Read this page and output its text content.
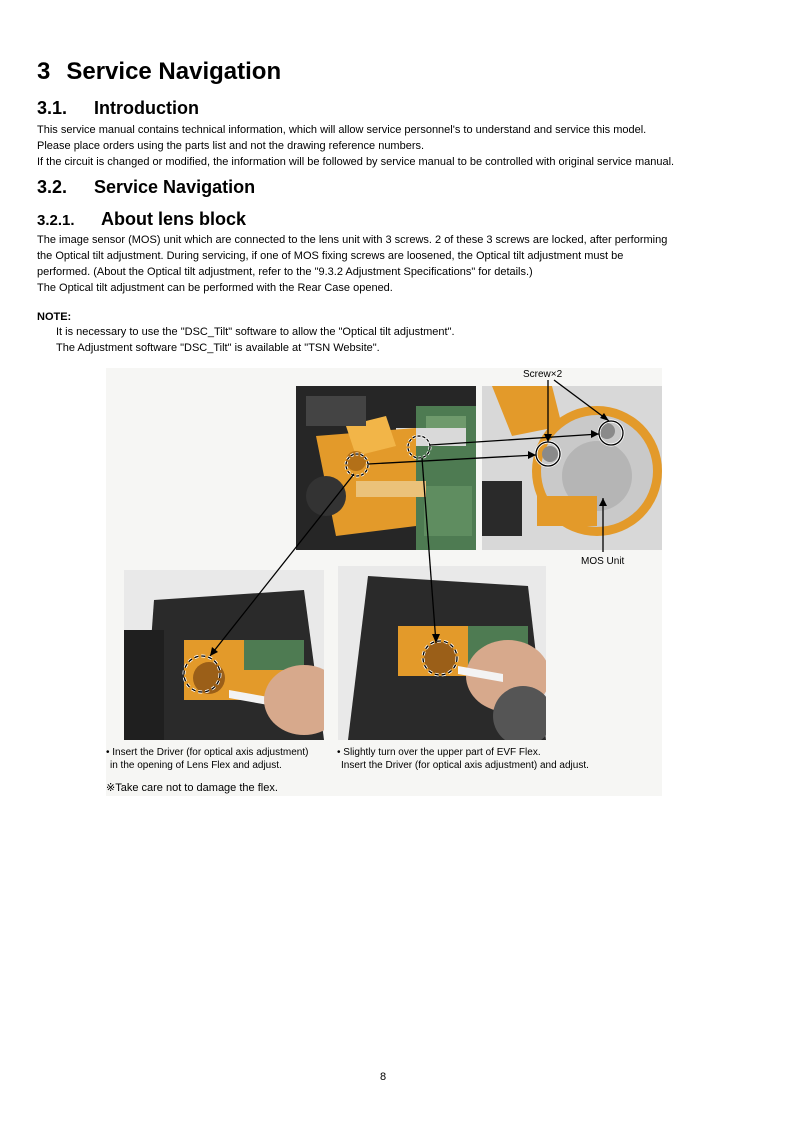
3 Service Navigation
3.1. Introduction

This service manual contains technical information, which will allow service personnel's to understand and service this model.

Please place orders using the parts list and not the drawing reference numbers.

If the circuit is changed or modified, the information will be followed by service manual to be controlled with original service manual.

3.2. Service Navigation
3.2.1. About lens block

The image sensor (MOS) unit which are connected to the lens unit with 3 screws. 2 of these 3 screws are locked, after performing

the Optical tilt adjustment. During servicing, if one of MOS fixing screws are loosened, the Optical tilt adjustment must be

performed. (About the Optical tilt adjustment, refer to the "9.3.2 Adjustment Specifications" for details.)

The Optical tilt adjustment can be performed with the Rear Case opened.

NOTE:

It is necessary to use the "DSC_Tilt" software to allow the "Optical tilt adjustment".

The Adjustment software "DSC_Tilt" is available at "TSN Website".

Screw×2
MOS Unit
• Insert the Driver (for optical axis adjustment)
in the opening of Lens Flex and adjust.
• Slightly turn over the upper part of EVF Flex.
Insert the Driver (for optical axis adjustment) and adjust.
※Take care not to damage the flex.
8
